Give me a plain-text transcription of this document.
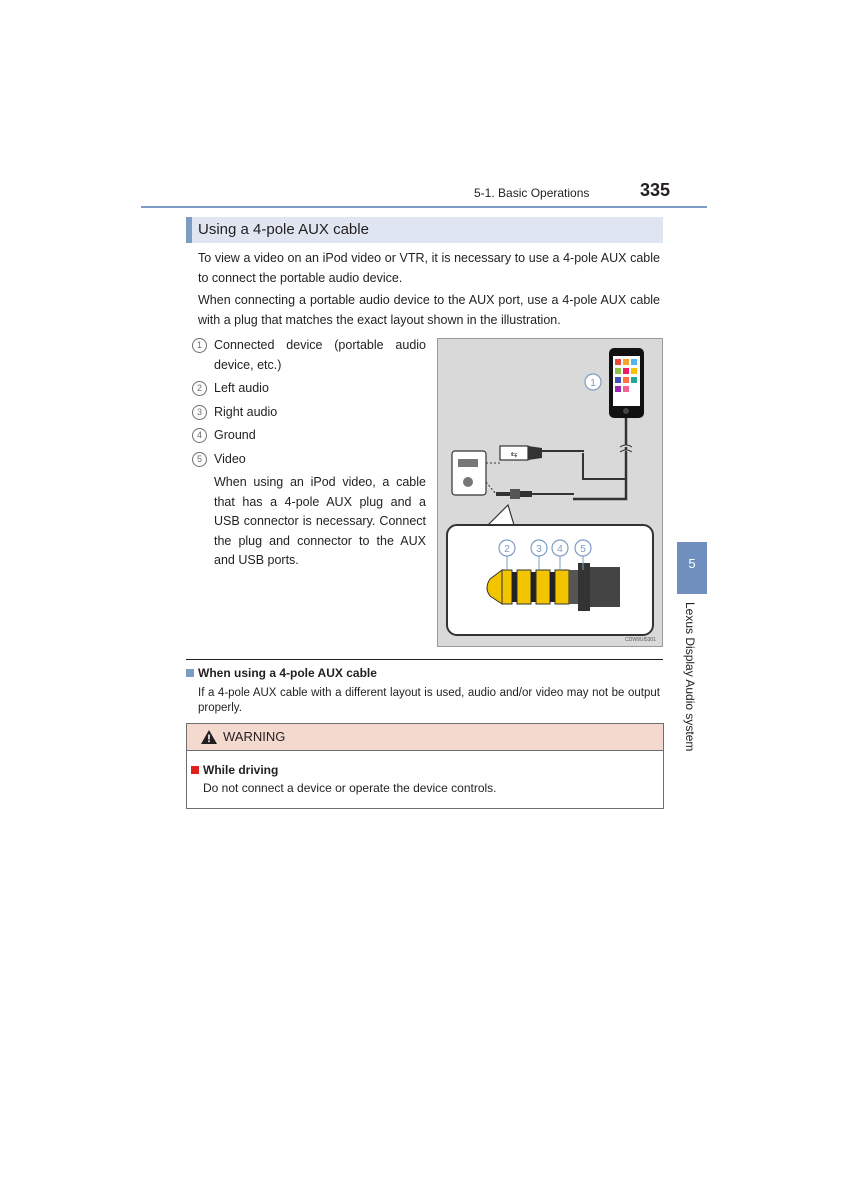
5-1. Basic Operations	335
5
Lexus Display Audio system
Using a 4-pole AUX cable

To view a video on an iPod video or VTR, it is necessary to use a 4-pole AUX cable to connect the portable audio device.

When connecting a portable audio device to the AUX port, use a 4-pole AUX cable with a plug that matches the exact layout shown in the illustration.

1 Connected device (portable audio device, etc.)
2 Left audio
3 Right audio
4 Ground
5 Video
When using an iPod video, a cable that has a 4-pole AUX plug and a USB connector is necessary. Connect the plug and connector to the AUX and USB ports.
1
⇆
2	3 4 5
CDW9UI5301
When using a 4-pole AUX cable
If a 4-pole AUX cable with a different layout is used, audio and/or video may not be output properly.
WARNING
While driving
Do not connect a device or operate the device controls.
